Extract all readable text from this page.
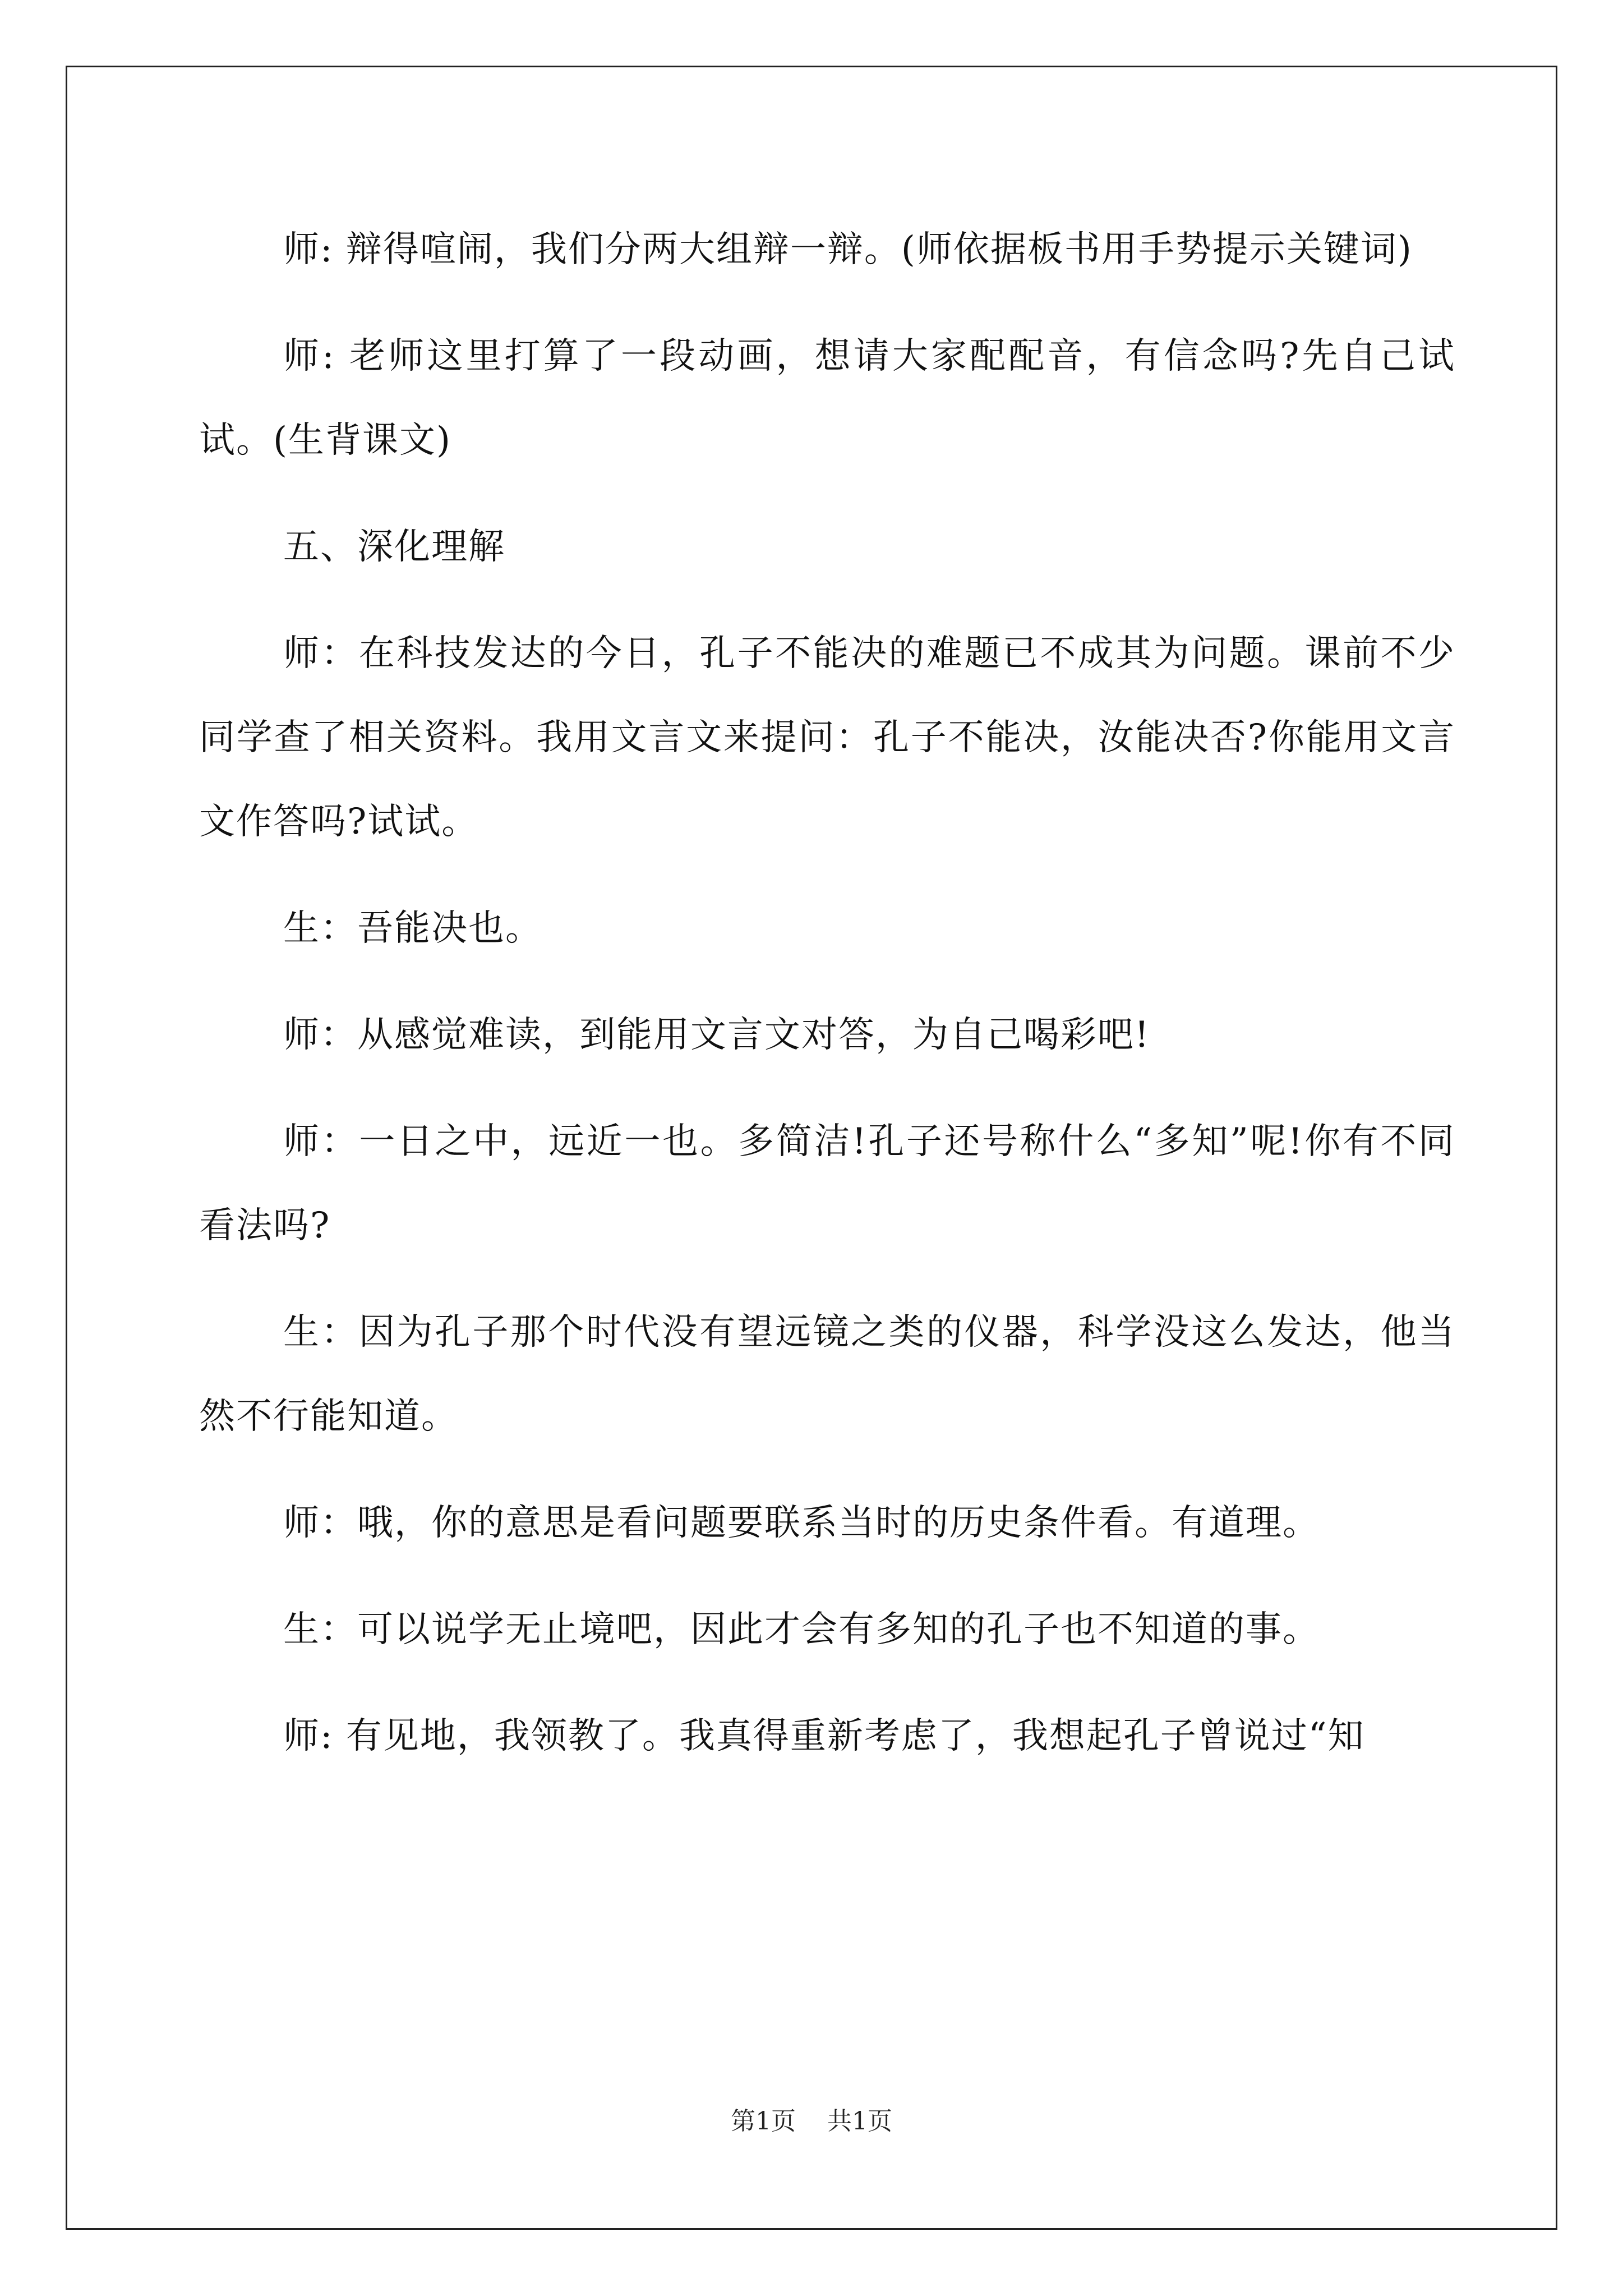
师: 辩得喧闹，我们分两大组辩一辩。(师依据板书用手势提示关键词)

师: 老师这里打算了一段动画，想请大家配配音，有信念吗?先自己试试。(生背课文)

五、深化理解

师：在科技发达的今日，孔子不能决的难题已不成其为问题。课前不少同学查了相关资料。我用文言文来提问：孔子不能决，汝能决否?你能用文言文作答吗?试试。

生：吾能决也。

师：从感觉难读，到能用文言文对答，为自己喝彩吧!

师：一日之中，远近一也。多简洁!孔子还号称什么“多知”呢!你有不同看法吗?

生：因为孔子那个时代没有望远镜之类的仪器，科学没这么发达，他当然不行能知道。

师：哦，你的意思是看问题要联系当时的历史条件看。有道理。

生：可以说学无止境吧，因此才会有多知的孔子也不知道的事。

师: 有见地，我领教了。我真得重新考虑了，我想起孔子曾说过“知

第1页 共1页
